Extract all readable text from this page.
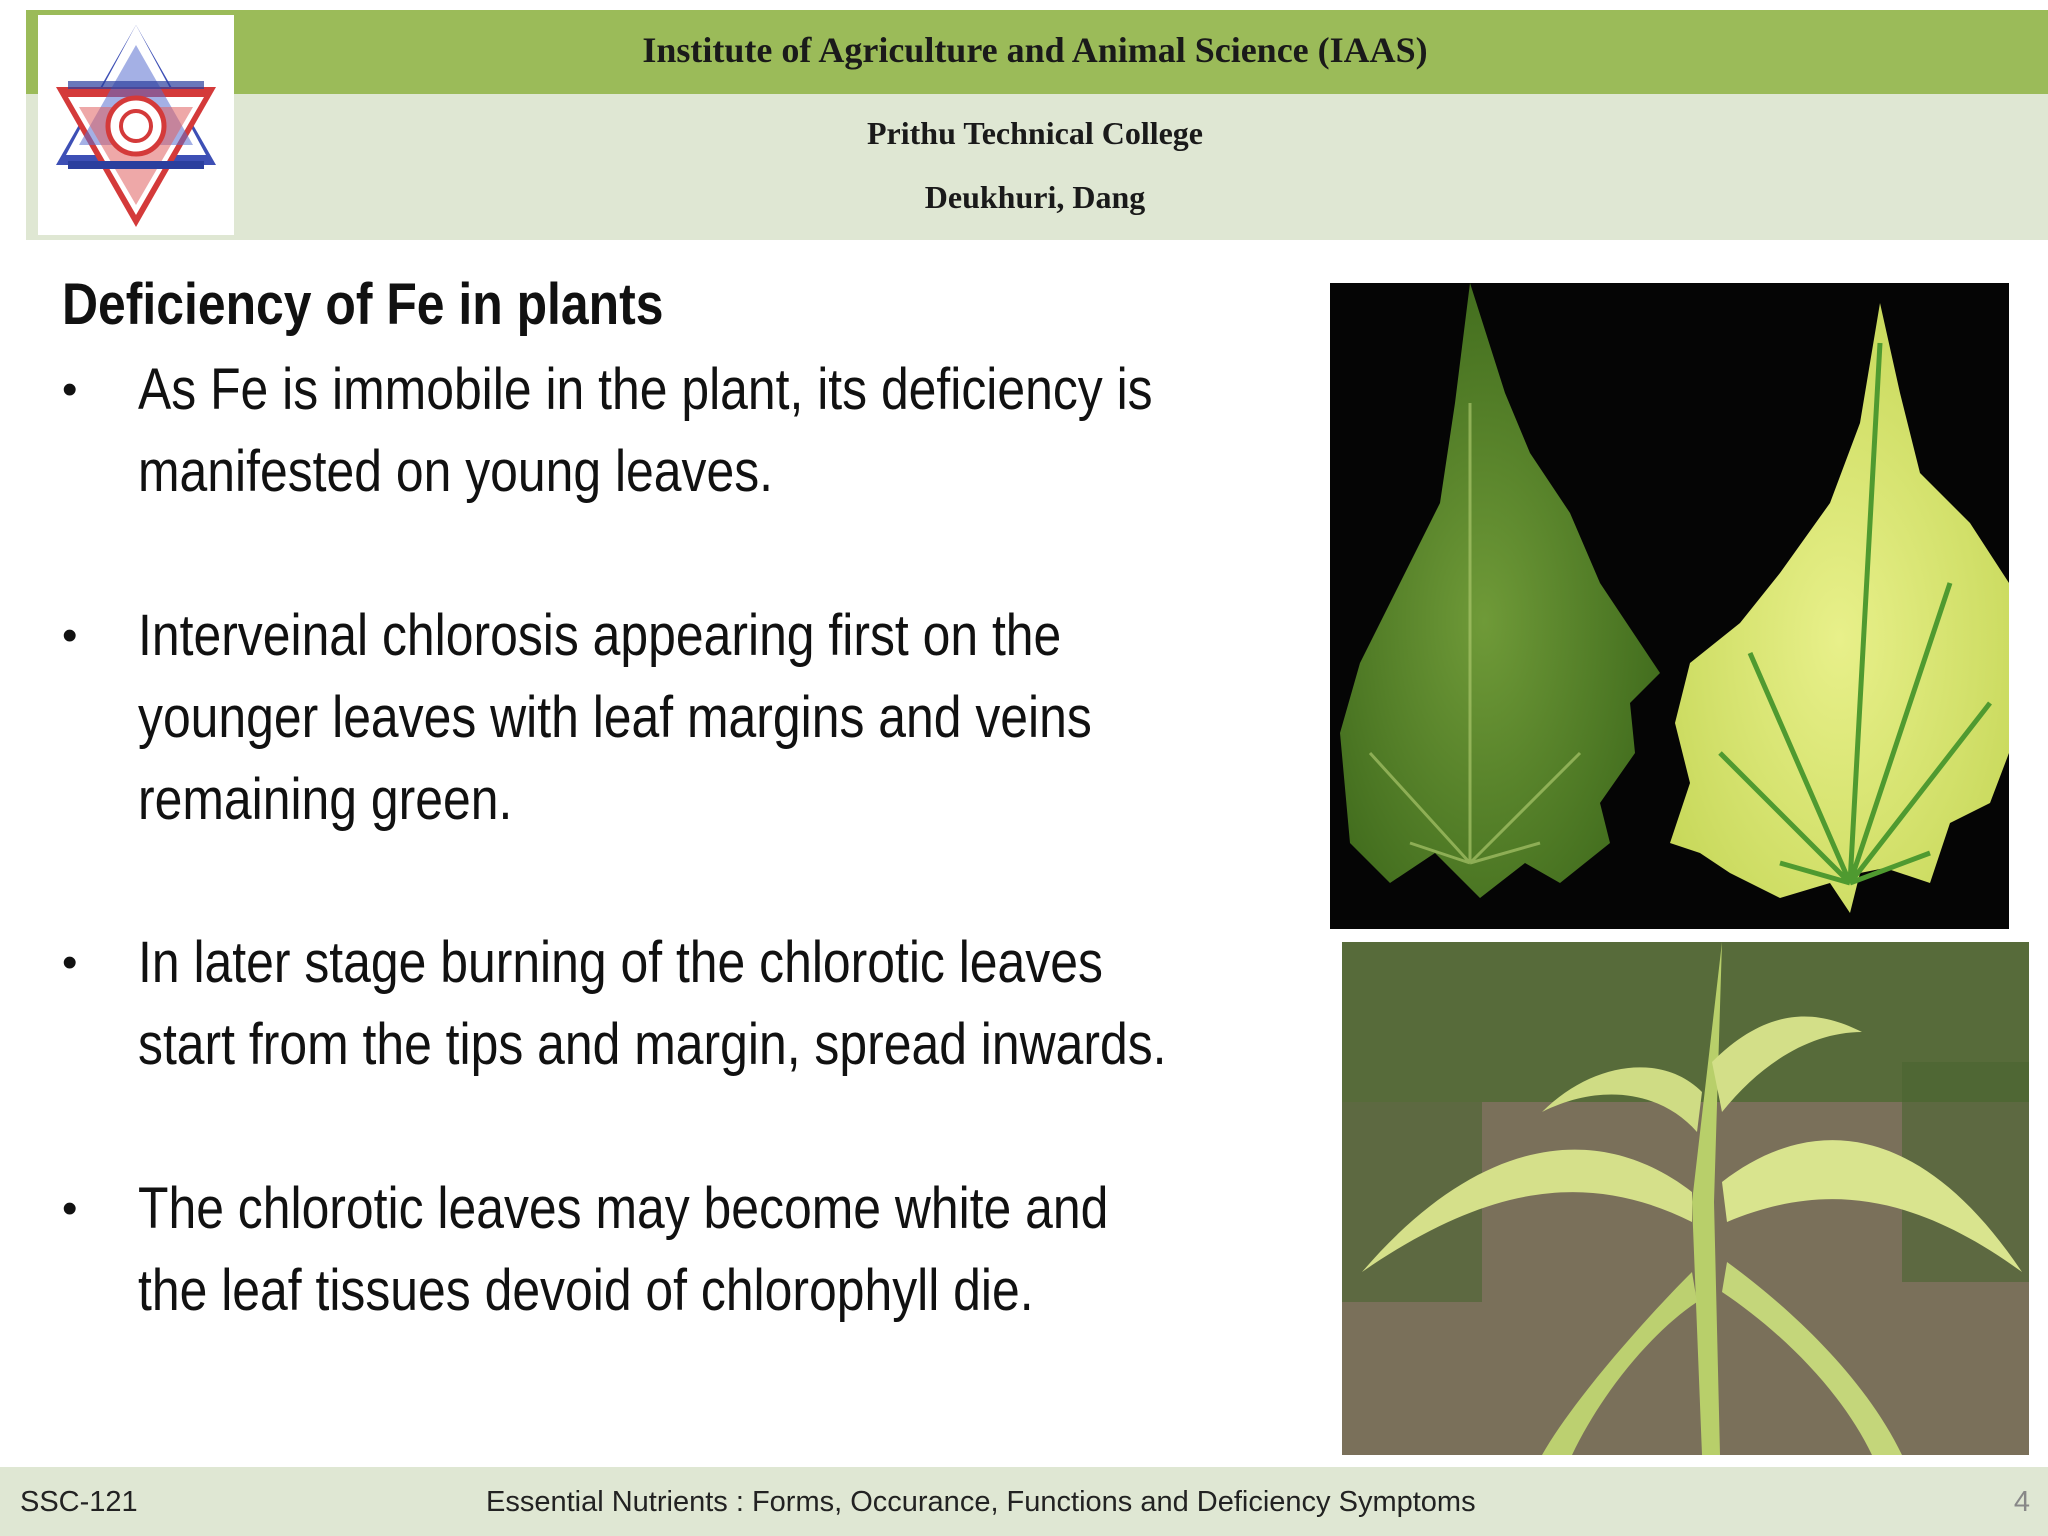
Institute of Agriculture and Animal Science (IAAS)
Prithu Technical College
Deukhuri, Dang
Deficiency of Fe in plants
•	As Fe is immobile in the plant, its deficiency is
manifested on young leaves.
•	Interveinal chlorosis appearing first on the
younger leaves with leaf margins and veins
remaining green.
•	In later stage burning of the chlorotic leaves
start from the tips and margin, spread inwards.
•	The chlorotic leaves may become white and
the leaf tissues devoid of chlorophyll die.
SSC-121	Essential Nutrients : Forms, Occurance, Functions and Deficiency Symptoms	4
